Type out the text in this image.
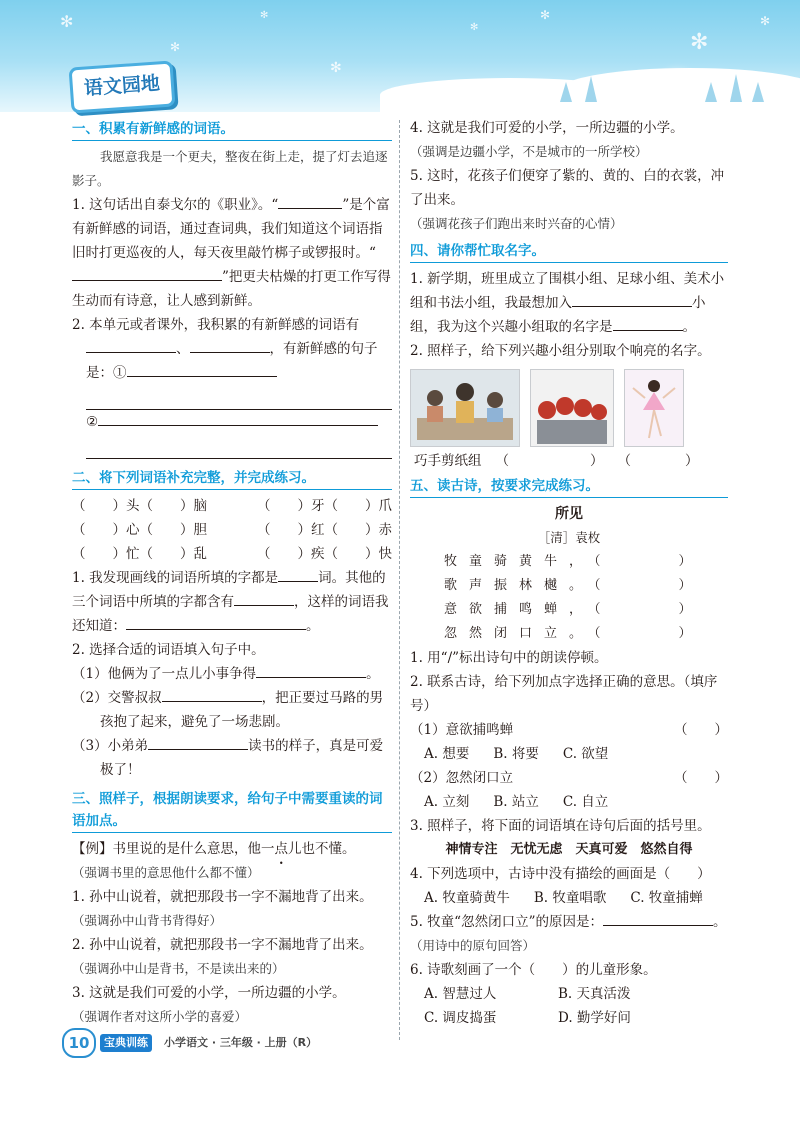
✻
✻
✻
✻
✻
✻
✻
✻
语文园地
一、积累有新鲜感的词语。

我愿意我是一个更夫，整夜在街上走，提了灯去追逐影子。

1. 这句话出自泰戈尔的《职业》。“	”是个富有新鲜感的词语，通过查词典，我们知道这个词语指旧时打更巡夜的人，每天夜里敲竹梆子或锣报时。“”把更夫枯燥的打更工作写得生动而有诗意，让人感到新鲜。

2. 本单元或者课外，我积累的有新鲜感的词语有

、	，有新鲜感的句子是：①

②

二、将下列词语补充完整，并完成练习。
（　　）头（　　）脑	（　　）牙（　　）爪
（　　）心（　　）胆	（　　）红（　　）赤
（　　）忙（　　）乱	（　　）疾（　　）快

1. 我发现画线的词语所填的字都是	词。其他的三个词语中所填的字都含有	，这样的词语我还知道：	。

2. 选择合适的词语填入句子中。

（1）他俩为了一点儿小事争得	。

（2）交警叔叔	，把正要过马路的男孩抱了起来，避免了一场悲剧。

（3）小弟弟	读书的样子，真是可爱极了！

三、照样子，根据朗读要求，给句子中需要重读的词语加点。

【例】书里说的是什么意思，他一点儿也不懂。

（强调书里的意思他什么都不懂）

1. 孙中山说着，就把那段书一字不漏地背了出来。

（强调孙中山背书背得好）

2. 孙中山说着，就把那段书一字不漏地背了出来。

（强调孙中山是背书，不是读出来的）

3. 这就是我们可爱的小学，一所边疆的小学。

（强调作者对这所小学的喜爱）

4. 这就是我们可爱的小学，一所边疆的小学。

（强调是边疆小学，不是城市的一所学校）

5. 这时，花孩子们便穿了紫的、黄的、白的衣裳，冲了出来。

（强调花孩子们跑出来时兴奋的心情）

四、请你帮忙取名字。

1. 新学期，班里成立了围棋小组、足球小组、美术小组和书法小组，我最想加入	小组，我为这个兴趣小组取的名字是	。

2. 照样子，给下列兴趣小组分别取个响亮的名字。

巧手剪纸组 （　　　　　　） （　　　　）
五、读古诗，按要求完成练习。
所见
［清］袁枚
牧童骑黄牛，（　　　　　　）
歌声振林樾。（　　　　　　）
意欲捕鸣蝉，（　　　　　　）
忽然闭口立。（　　　　　　）

1. 用“/”标出诗句中的朗读停顿。

2. 联系古诗，给下列加点字选择正确的意思。（填序号）

（1）意欲捕鸣蝉	（　　）

A. 想要 B. 将要 C. 欲望

（2）忽然闭口立	（　　）

A. 立刻 B. 站立 C. 自立

3. 照样子，将下面的词语填在诗句后面的括号里。

神情专注　无忧无虑　天真可爱　悠然自得

4. 下列选项中，古诗中没有描绘的画面是（　　）

A. 牧童骑黄牛 B. 牧童唱歌 C. 牧童捕蝉

5. 牧童“忽然闭口立”的原因是：	。

（用诗中的原句回答）

6. 诗歌刻画了一个（　　）的儿童形象。

A. 智慧过人	B. 天真活泼
C. 调皮捣蛋	D. 勤学好问
10	宝典训练	小学语文 · 三年级 · 上册（R）
